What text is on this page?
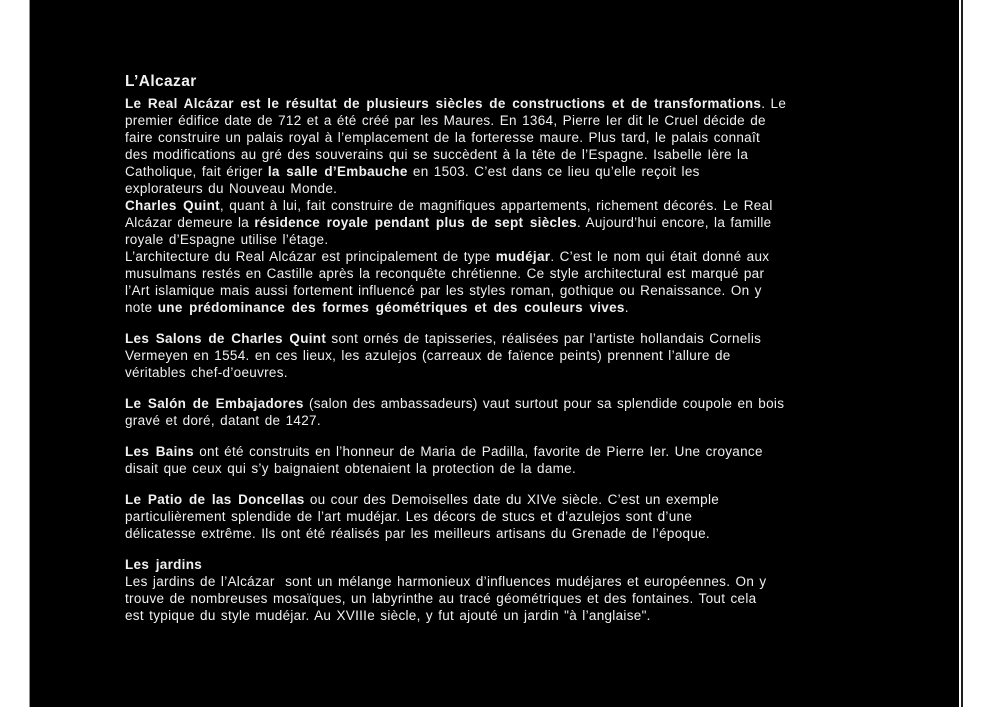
L’Alcazar
Le Real Alcázar est le résultat de plusieurs siècles de constructions et de transformations. Le
premier édifice date de 712 et a été créé par les Maures. En 1364, Pierre Ier dit le Cruel décide de
faire construire un palais royal à l’emplacement de la forteresse maure. Plus tard, le palais connaît
des modifications au gré des souverains qui se succèdent à la tête de l’Espagne. Isabelle Ière la
Catholique, fait ériger la salle d’Embauche en 1503. C’est dans ce lieu qu’elle reçoit les
explorateurs du Nouveau Monde.
Charles Quint, quant à lui, fait construire de magnifiques appartements, richement décorés. Le Real
Alcázar demeure la résidence royale pendant plus de sept siècles. Aujourd’hui encore, la famille
royale d’Espagne utilise l’étage.
L’architecture du Real Alcázar est principalement de type mudéjar. C’est le nom qui était donné aux
musulmans restés en Castille après la reconquête chrétienne. Ce style architectural est marqué par
l’Art islamique mais aussi fortement influencé par les styles roman, gothique ou Renaissance. On y
note une prédominance des formes géométriques et des couleurs vives.
Les Salons de Charles Quint sont ornés de tapisseries, réalisées par l’artiste hollandais Cornelis
Vermeyen en 1554. en ces lieux, les azulejos (carreaux de faïence peints) prennent l’allure de
véritables chef-d’oeuvres.
Le Salón de Embajadores (salon des ambassadeurs) vaut surtout pour sa splendide coupole en bois
gravé et doré, datant de 1427.
Les Bains ont été construits en l’honneur de Maria de Padilla, favorite de Pierre Ier. Une croyance
disait que ceux qui s’y baignaient obtenaient la protection de la dame.
Le Patio de las Doncellas ou cour des Demoiselles date du XIVe siècle. C’est un exemple
particulièrement splendide de l’art mudéjar. Les décors de stucs et d’azulejos sont d’une
délicatesse extrême. Ils ont été réalisés par les meilleurs artisans du Grenade de l’époque.
Les jardins
Les jardins de l’Alcázar  sont un mélange harmonieux d’influences mudéjares et européennes. On y
trouve de nombreuses mosaïques, un labyrinthe au tracé géométriques et des fontaines. Tout cela
est typique du style mudéjar. Au XVIIIe siècle, y fut ajouté un jardin "à l’anglaise".
